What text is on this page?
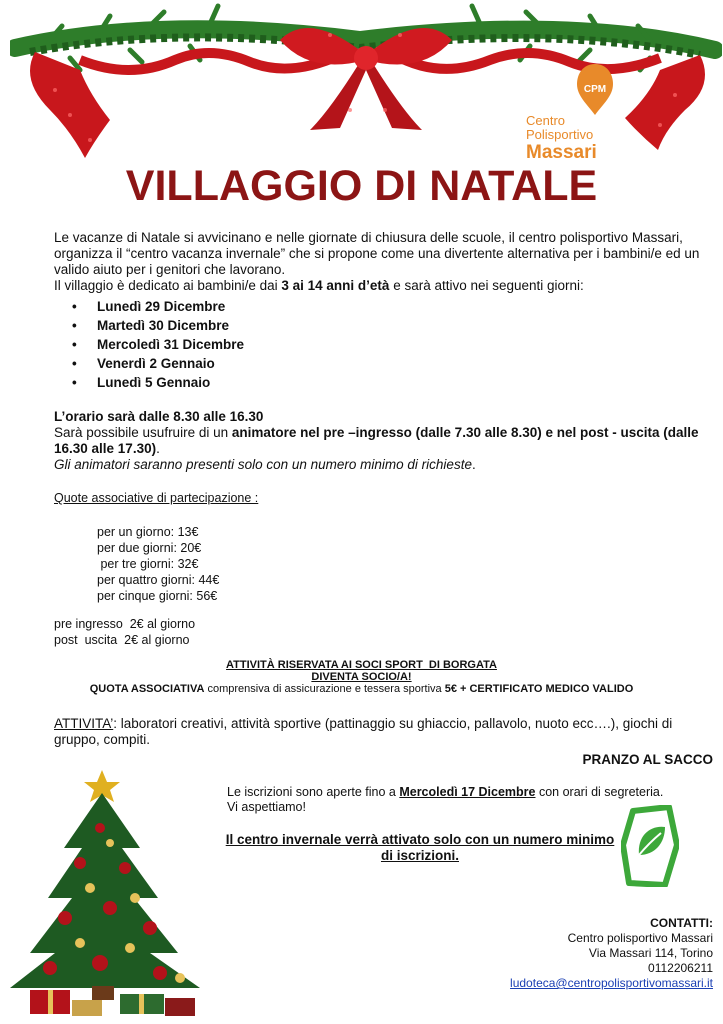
CPM
Centro
Polisportivo
Massari
VILLAGGIO DI NATALE
Le vacanze di Natale si avvicinano e nelle giornate di chiusura delle scuole, il centro polisportivo Massari, organizza il “centro vacanza invernale” che si propone come una divertente alternativa per i bambini/e ed un valido aiuto per i genitori che lavorano.
Il villaggio è dedicato ai bambini/e dai 3 ai 14 anni d’età e sarà attivo nei seguenti giorni:
• Lunedì 29 Dicembre
• Martedì 30 Dicembre
• Mercoledì 31 Dicembre
• Venerdì 2 Gennaio
• Lunedì 5 Gennaio
L’orario sarà dalle 8.30 alle 16.30
Sarà possibile usufruire di un animatore nel pre –ingresso (dalle 7.30 alle 8.30) e nel post - uscita (dalle 16.30 alle 17.30).
Gli animatori saranno presenti solo con un numero minimo di richieste.
Quote associative di partecipazione :
per un giorno: 13€
per due giorni: 20€
per tre giorni: 32€
per quattro giorni: 44€
per cinque giorni: 56€
pre ingresso  2€ al giorno
post  uscita  2€ al giorno
ATTIVITÀ RISERVATA AI SOCI SPORT  DI BORGATA
DIVENTA SOCIO/A!
QUOTA ASSOCIATIVA comprensiva di assicurazione e tessera sportiva 5€ + CERTIFICATO MEDICO VALIDO
ATTIVITA’: laboratori creativi, attività sportive (pattinaggio su ghiaccio, pallavolo, nuoto ecc….), giochi di gruppo, compiti.
PRANZO AL SACCO
Le iscrizioni sono aperte fino a Mercoledì 17 Dicembre con orari di segreteria.
Vi aspettiamo!
Il centro invernale verrà attivato solo con un numero minimo di iscrizioni.
CONTATTI:
Centro polisportivo Massari
Via Massari 114, Torino
0112206211
ludoteca@centropolisportivomassari.it
